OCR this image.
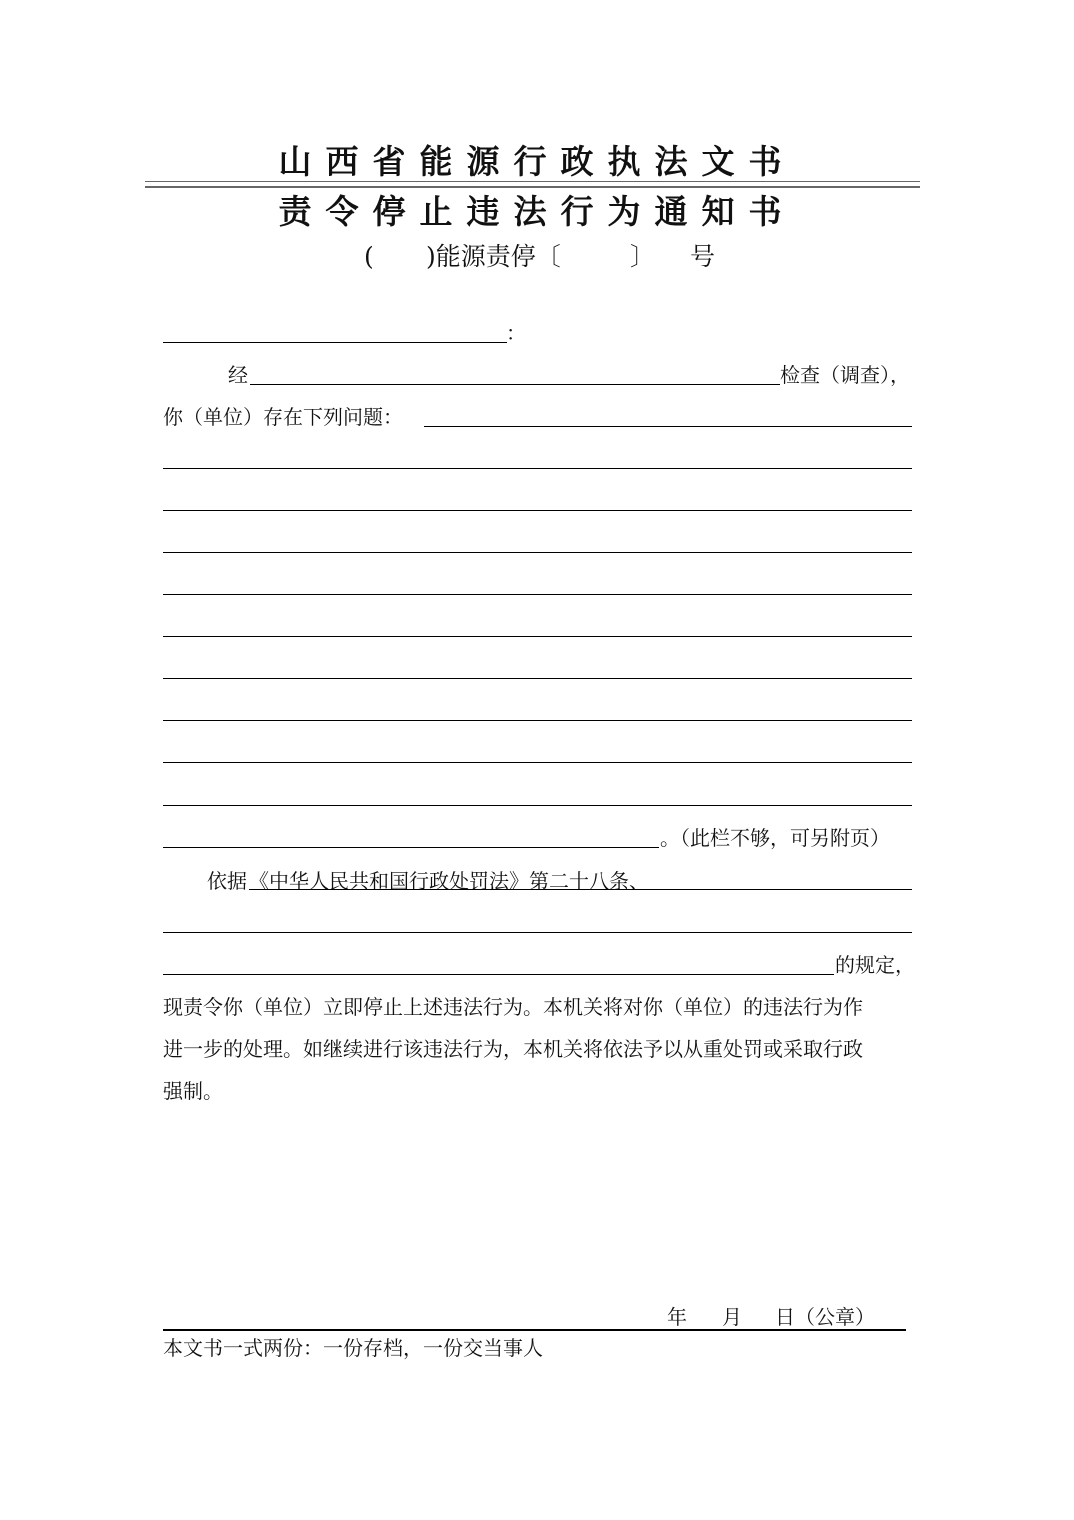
山西省能源行政执法文书
责令停止违法行为通知书
( )能源责停〔	〕 号
：
经	检查（调查），
你（单位）存在下列问题：
。（此栏不够，可另附页）
依据 《中华人民共和国行政处罚法》第二十八条、
的规定，
现责令你（单位）立即停止上述违法行为。本机关将对你（单位）的违法行为作
进一步的处理。如继续进行该违法行为，本机关将依法予以从重处罚或采取行政
强制。
年 月 日（公章）
本文书一式两份：一份存档，一份交当事人
